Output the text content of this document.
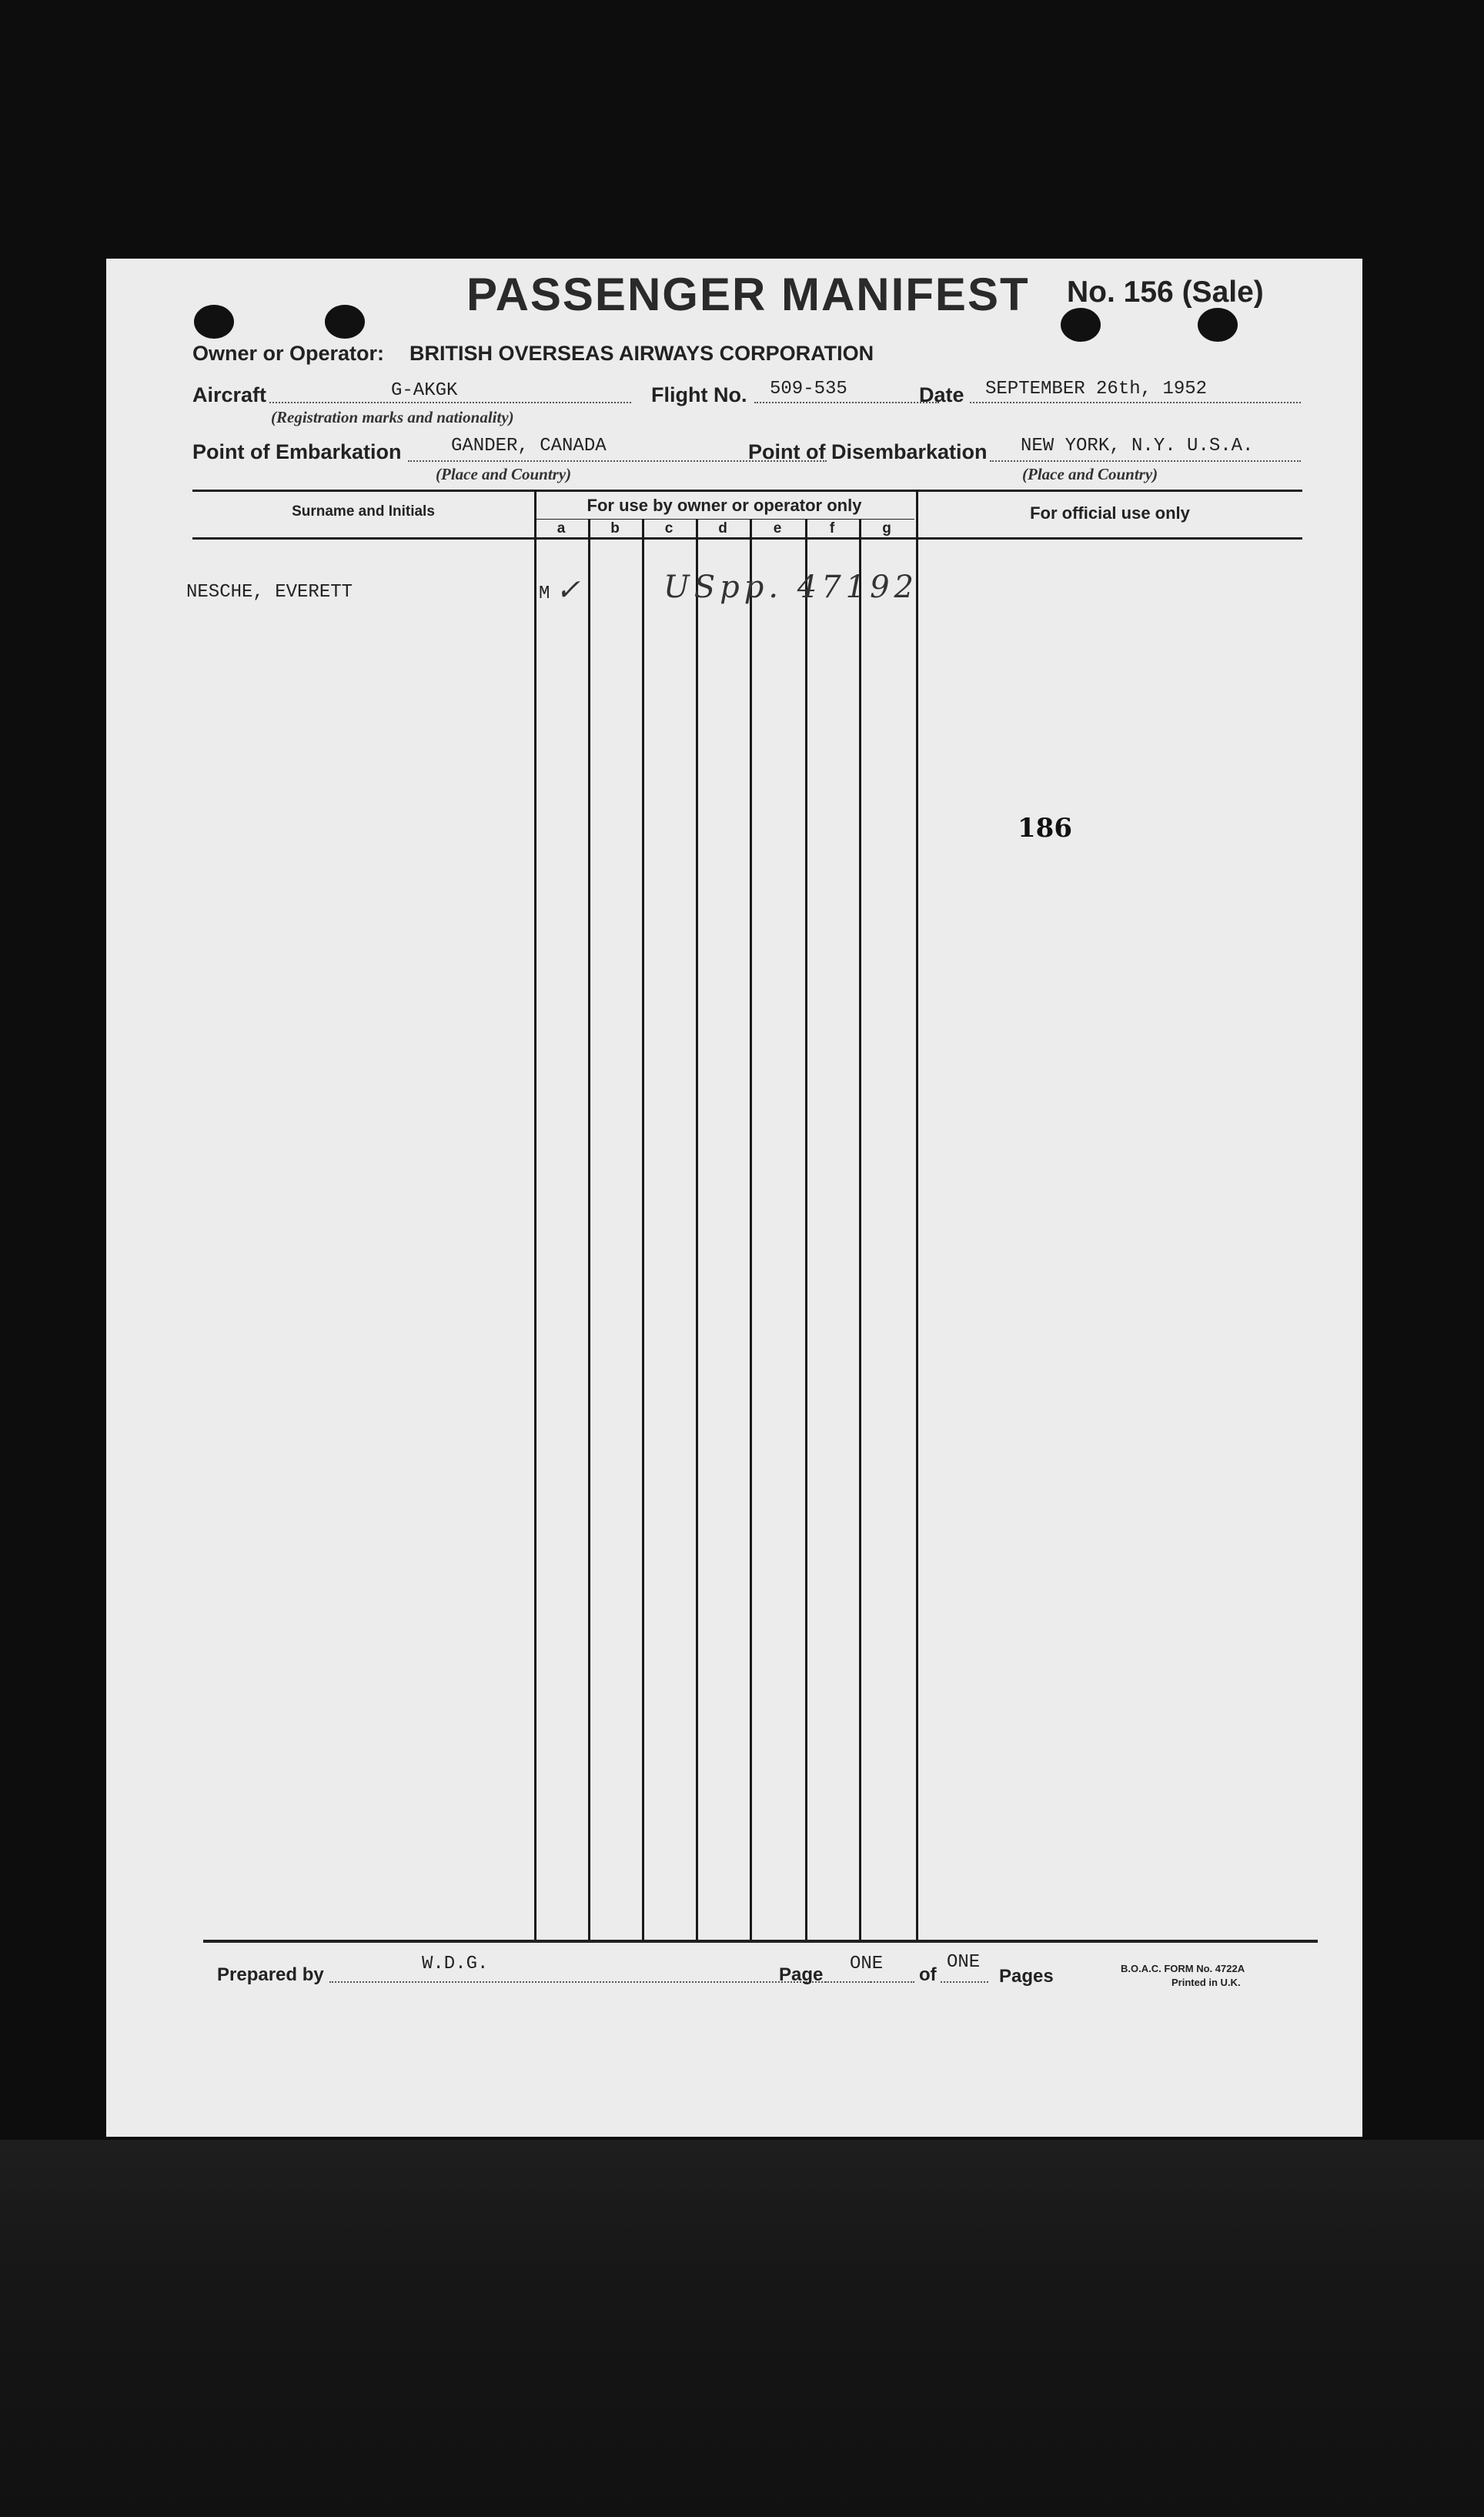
PASSENGER MANIFEST No. 156 (Sale)
Owner or Operator: BRITISH OVERSEAS AIRWAYS CORPORATION
Aircraft	G-AKGK
(Registration marks and nationality)
Flight No. 509-535	Date SEPTEMBER 26th, 1952
Point of Embarkation	GANDER, CANADA
(Place and Country)
Point of Disembarkation NEW YORK, N.Y. U.S.A.
(Place and Country)
Surname and Initials	For use by owner or operator only	For official use only
a	b	c	d	e	f	g
NESCHE, EVERETT	M ✓	USpp. 47192
186
Prepared by
W.D.G.
Page
ONE
of
ONE
Pages	B.O.A.C. FORM No. 4722A
Printed in U.K.
